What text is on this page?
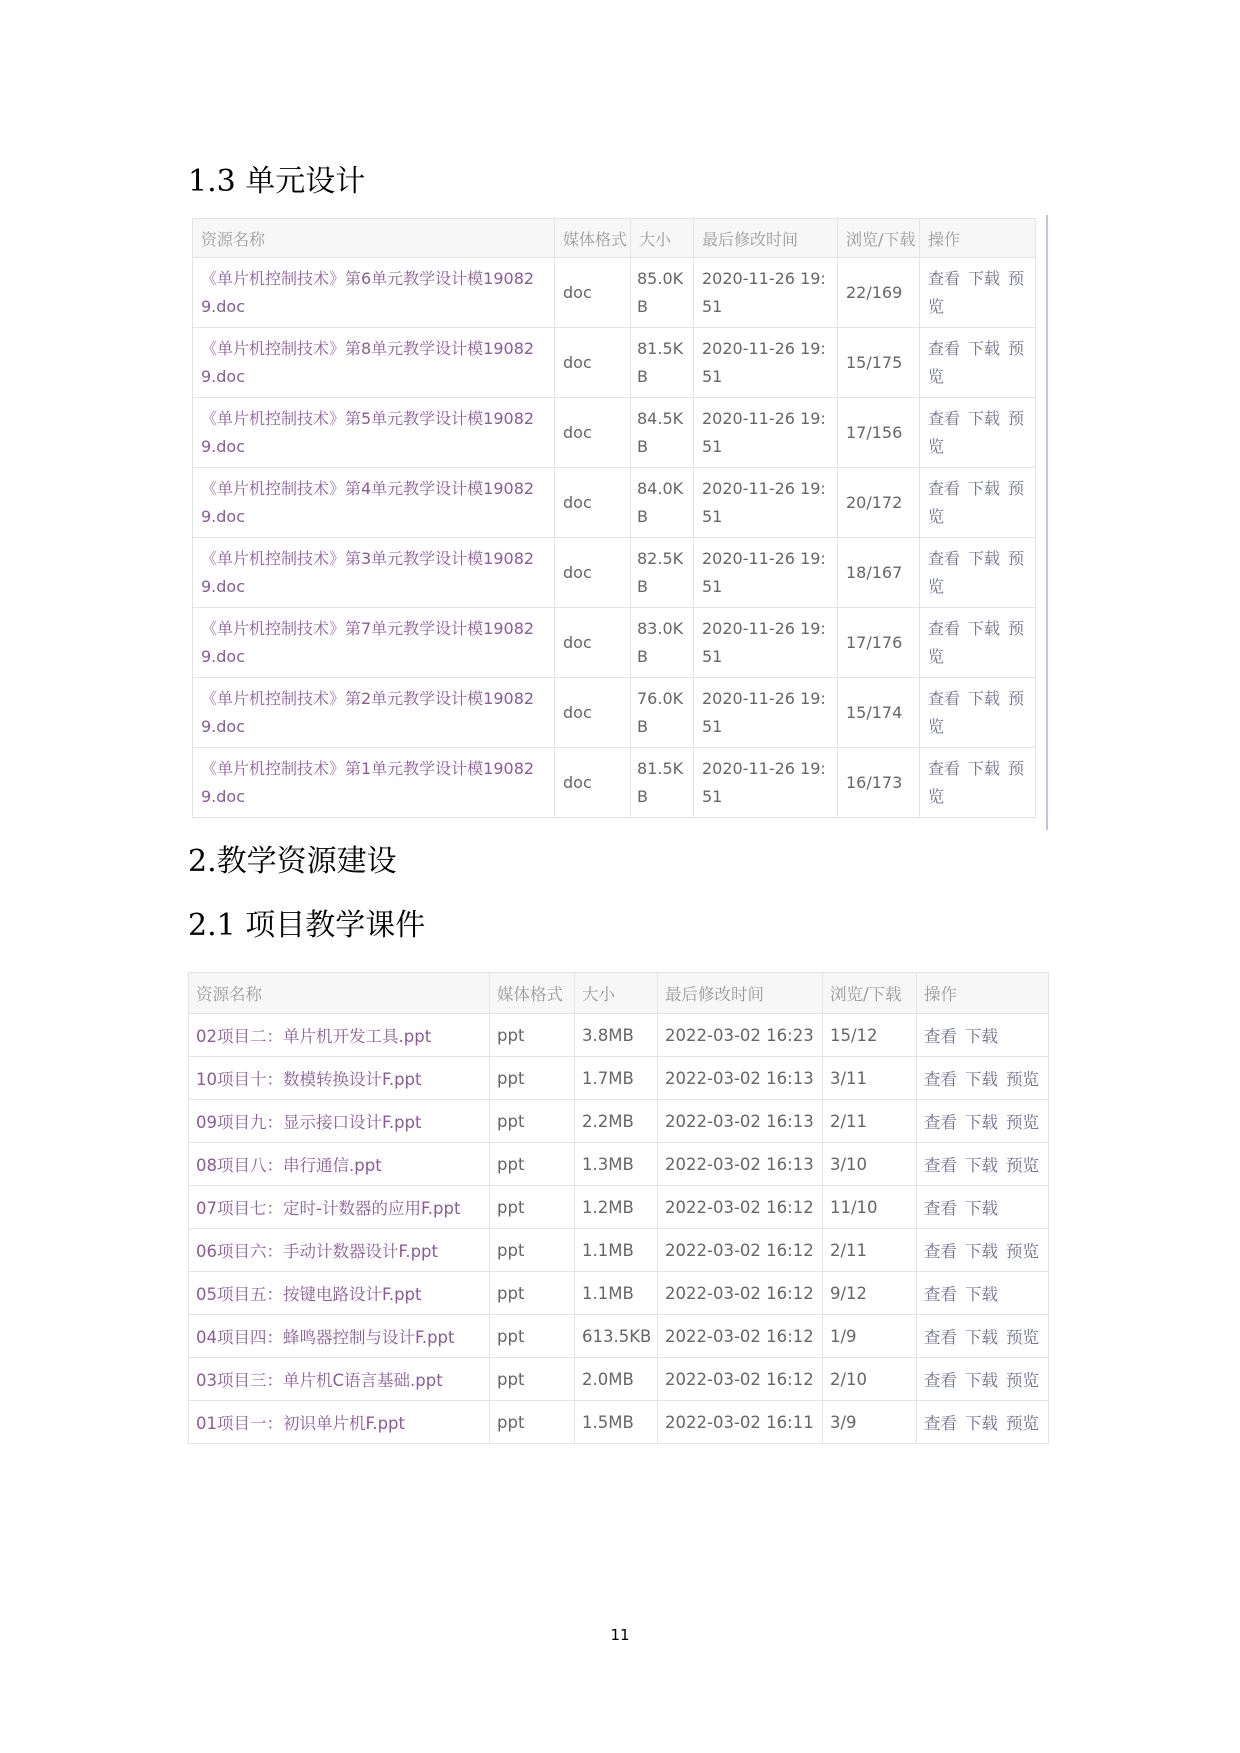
1.3 单元设计
资源名称	媒体格式	大小	最后修改时间	浏览/下载	操作
《单片机控制技术》第6单元教学设计模190829.doc	doc	85.0KB	2020-11-26 19:51	22/169	查看 下载 预览
《单片机控制技术》第8单元教学设计模190829.doc	doc	81.5KB	2020-11-26 19:51	15/175	查看 下载 预览
《单片机控制技术》第5单元教学设计模190829.doc	doc	84.5KB	2020-11-26 19:51	17/156	查看 下载 预览
《单片机控制技术》第4单元教学设计模190829.doc	doc	84.0KB	2020-11-26 19:51	20/172	查看 下载 预览
《单片机控制技术》第3单元教学设计模190829.doc	doc	82.5KB	2020-11-26 19:51	18/167	查看 下载 预览
《单片机控制技术》第7单元教学设计模190829.doc	doc	83.0KB	2020-11-26 19:51	17/176	查看 下载 预览
《单片机控制技术》第2单元教学设计模190829.doc	doc	76.0KB	2020-11-26 19:51	15/174	查看 下载 预览
《单片机控制技术》第1单元教学设计模190829.doc	doc	81.5KB	2020-11-26 19:51	16/173	查看 下载 预览
2.教学资源建设
2.1 项目教学课件
资源名称	媒体格式	大小	最后修改时间	浏览/下载	操作
02项目二：单片机开发工具.ppt	ppt	3.8MB	2022-03-02 16:23	15/12	查看 下载
10项目十：数模转换设计F.ppt	ppt	1.7MB	2022-03-02 16:13	3/11	查看 下载 预览
09项目九：显示接口设计F.ppt	ppt	2.2MB	2022-03-02 16:13	2/11	查看 下载 预览
08项目八：串行通信.ppt	ppt	1.3MB	2022-03-02 16:13	3/10	查看 下载 预览
07项目七：定时-计数器的应用F.ppt	ppt	1.2MB	2022-03-02 16:12	11/10	查看 下载
06项目六：手动计数器设计F.ppt	ppt	1.1MB	2022-03-02 16:12	2/11	查看 下载 预览
05项目五：按键电路设计F.ppt	ppt	1.1MB	2022-03-02 16:12	9/12	查看 下载
04项目四：蜂鸣器控制与设计F.ppt	ppt	613.5KB	2022-03-02 16:12	1/9	查看 下载 预览
03项目三：单片机C语言基础.ppt	ppt	2.0MB	2022-03-02 16:12	2/10	查看 下载 预览
01项目一：初识单片机F.ppt	ppt	1.5MB	2022-03-02 16:11	3/9	查看 下载 预览
11
